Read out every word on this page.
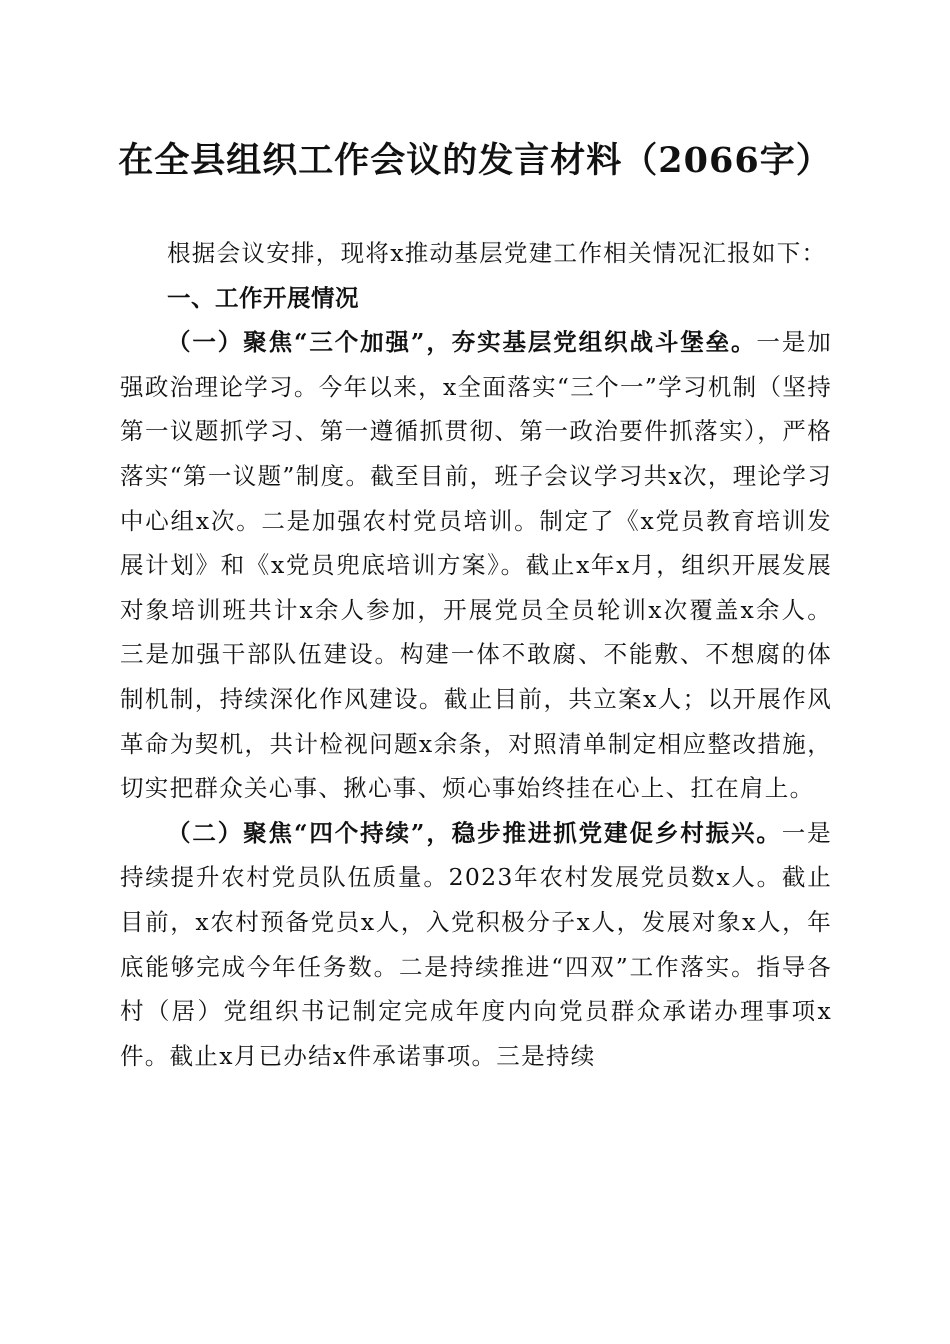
在全县组织工作会议的发言材料（2066字）

根据会议安排，现将x推动基层党建工作相关情况汇报如下：

一、工作开展情况

（一）聚焦“三个加强”，夯实基层党组织战斗堡垒。一是加强政治理论学习。今年以来，x全面落实“三个一”学习机制（坚持第一议题抓学习、第一遵循抓贯彻、第一政治要件抓落实），严格落实“第一议题”制度。截至目前，班子会议学习共x次，理论学习中心组x次。二是加强农村党员培训。制定了《x党员教育培训发展计划》和《x党员兜底培训方案》。截止x年x月，组织开展发展对象培训班共计x余人参加，开展党员全员轮训x次覆盖x余人。三是加强干部队伍建设。构建一体不敢腐、不能敷、不想腐的体制机制，持续深化作风建设。截止目前，共立案x人；以开展作风革命为契机，共计检视问题x余条，对照清单制定相应整改措施，切实把群众关心事、揪心事、烦心事始终挂在心上、扛在肩上。

（二）聚焦“四个持续”，稳步推进抓党建促乡村振兴。一是持续提升农村党员队伍质量。2023年农村发展党员数x人。截止目前，x农村预备党员x人，入党积极分子x人，发展对象x人，年底能够完成今年任务数。二是持续推进“四双”工作落实。指导各村（居）党组织书记制定完成年度内向党员群众承诺办理事项x件。截止x月已办结x件承诺事项。三是持续
